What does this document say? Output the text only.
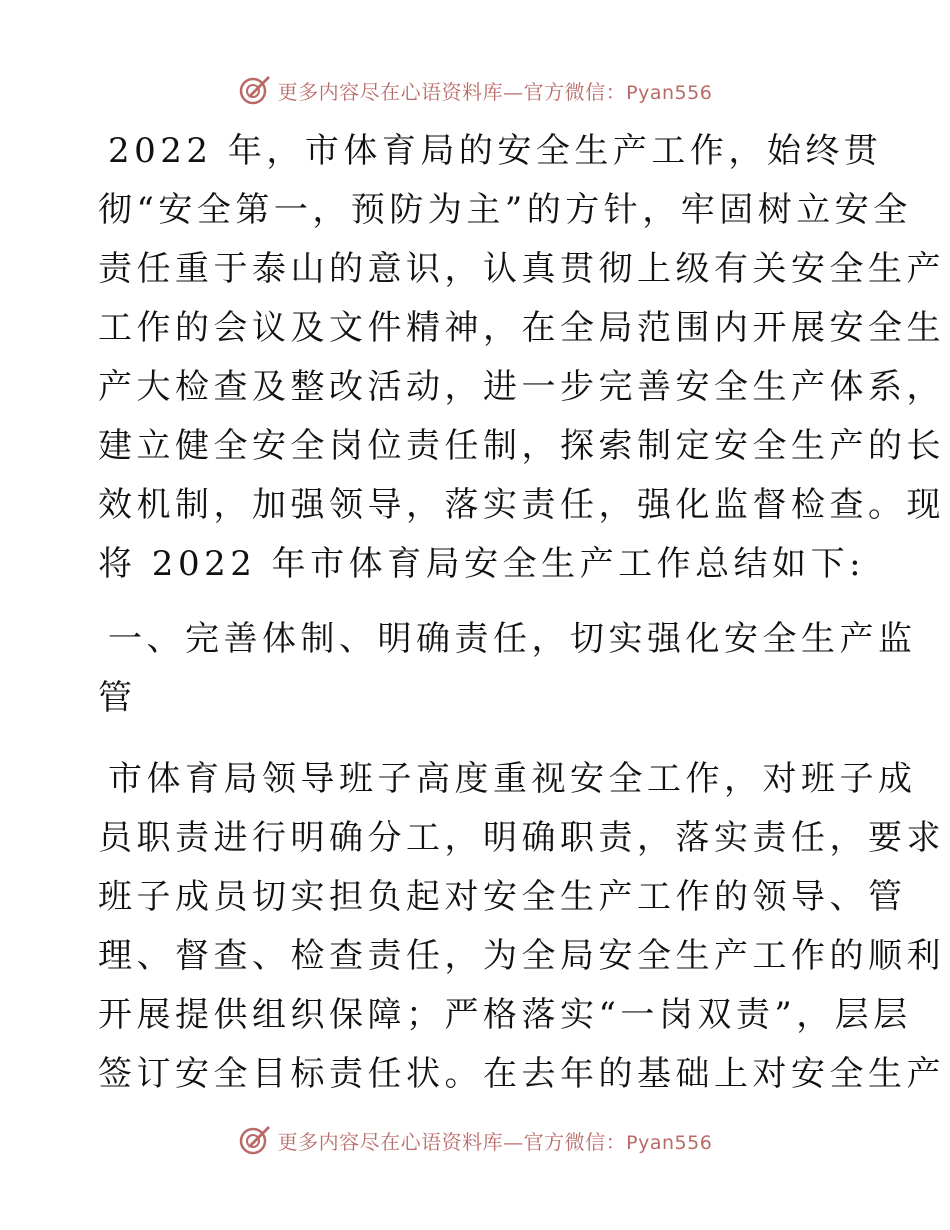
更多内容尽在心语资料库—官方微信：Pyan556
2022 年，市体育局的安全生产工作，始终贯
彻“安全第一，预防为主”的方针，牢固树立安全
责任重于泰山的意识，认真贯彻上级有关安全生产
工作的会议及文件精神，在全局范围内开展安全生
产大检查及整改活动，进一步完善安全生产体系，
建立健全安全岗位责任制，探索制定安全生产的长
效机制，加强领导，落实责任，强化监督检查。现
将 2022 年市体育局安全生产工作总结如下:
一、完善体制、明确责任，切实强化安全生产监
管
市体育局领导班子高度重视安全工作，对班子成
员职责进行明确分工，明确职责，落实责任，要求
班子成员切实担负起对安全生产工作的领导、管
理、督查、检查责任，为全局安全生产工作的顺利
开展提供组织保障；严格落实“一岗双责”，层层
签订安全目标责任状。在去年的基础上对安全生产
更多内容尽在心语资料库—官方微信：Pyan556
